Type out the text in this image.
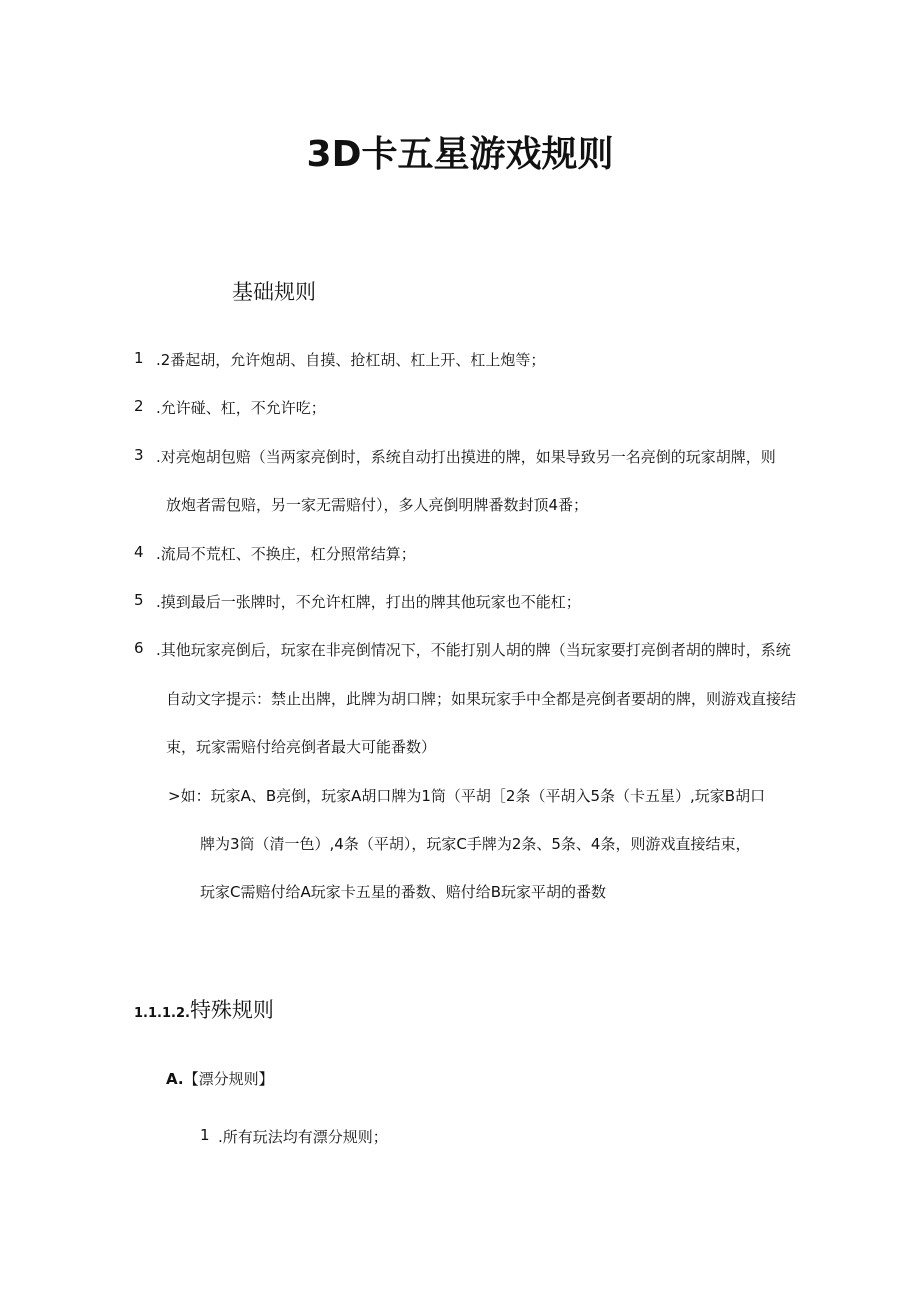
3D卡五星游戏规则
基础规则
1 .2番起胡，允许炮胡、自摸、抢杠胡、杠上开、杠上炮等；
2 .允许碰、杠，不允许吃；
3 .对亮炮胡包赔（当两家亮倒时，系统自动打出摸进的牌，如果导致另一名亮倒的玩家胡牌，则
放炮者需包赔，另一家无需赔付），多人亮倒明牌番数封顶4番；
4 .流局不荒杠、不换庄，杠分照常结算；
5 .摸到最后一张牌时，不允许杠牌，打出的牌其他玩家也不能杠；
6 .其他玩家亮倒后，玩家在非亮倒情况下，不能打别人胡的牌（当玩家要打亮倒者胡的牌时，系统
自动文字提示：禁止出牌，此牌为胡口牌；如果玩家手中全都是亮倒者要胡的牌，则游戏直接结
束，玩家需赔付给亮倒者最大可能番数）
>如：玩家A、B亮倒，玩家A胡口牌为1筒（平胡［2条（平胡入5条（卡五星）,玩家B胡口
牌为3筒（清一色）,4条（平胡），玩家C手牌为2条、5条、4条，则游戏直接结束，
玩家C需赔付给A玩家卡五星的番数、赔付给B玩家平胡的番数
1.1.1.2.特殊规则
A.【漂分规则】
1 .所有玩法均有漂分规则；
